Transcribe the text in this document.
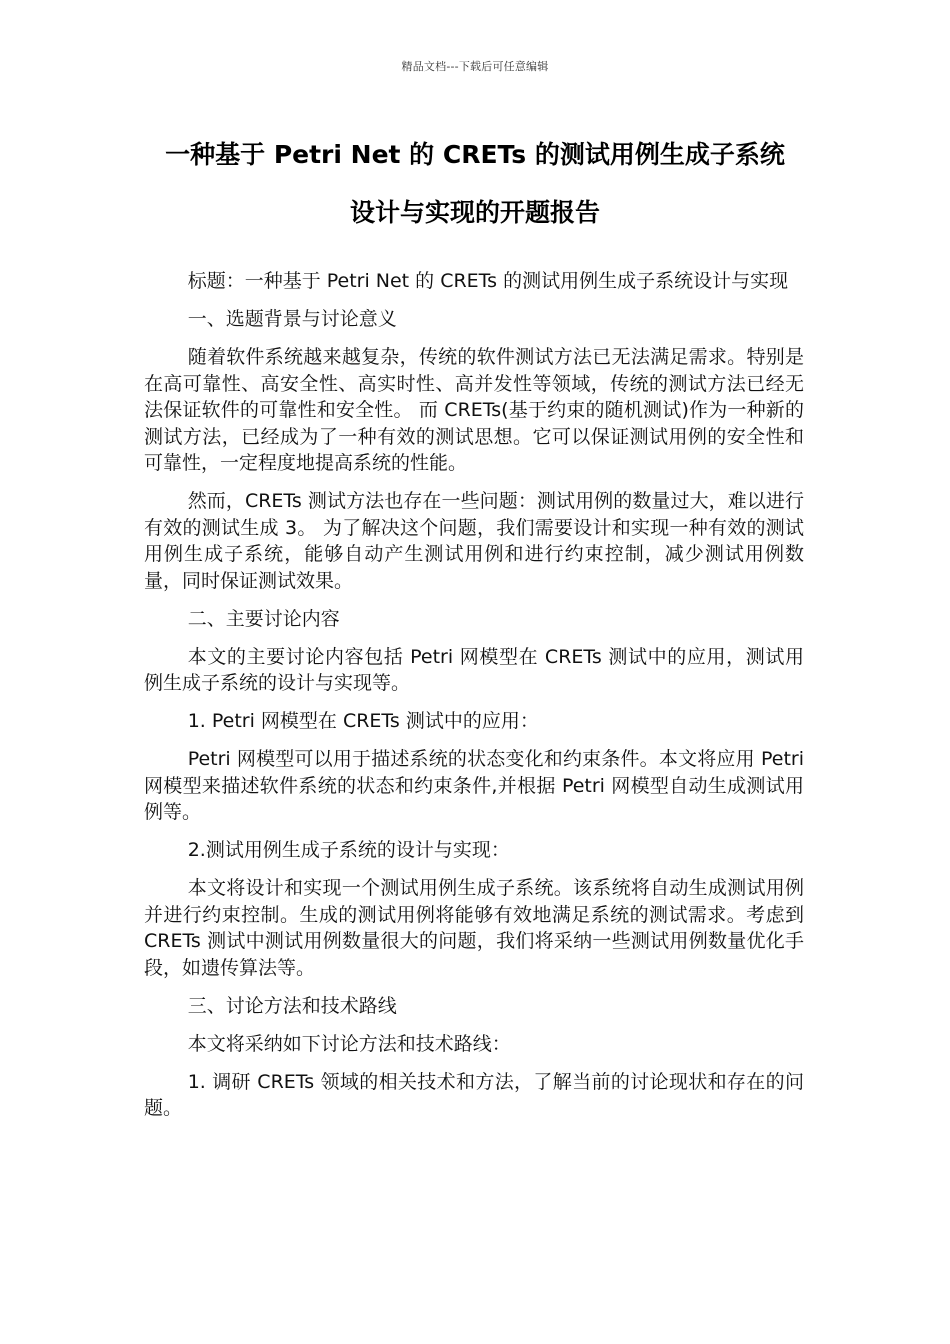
精品文档---下载后可任意编辑
一种基于 Petri Net 的 CRETs 的测试用例生成子系统
设计与实现的开题报告

标题：一种基于 Petri Net 的 CRETs 的测试用例生成子系统设计与实现

一、选题背景与讨论意义

随着软件系统越来越复杂，传统的软件测试方法已无法满足需求。特别是在高可靠性、高安全性、高实时性、高并发性等领域，传统的测试方法已经无法保证软件的可靠性和安全性。 而 CRETs(基于约束的随机测试)作为一种新的测试方法，已经成为了一种有效的测试思想。它可以保证测试用例的安全性和可靠性，一定程度地提高系统的性能。

然而，CRETs 测试方法也存在一些问题：测试用例的数量过大，难以进行有效的测试生成 3。 为了解决这个问题，我们需要设计和实现一种有效的测试用例生成子系统，能够自动产生测试用例和进行约束控制，减少测试用例数量，同时保证测试效果。

二、主要讨论内容

本文的主要讨论内容包括 Petri 网模型在 CRETs 测试中的应用，测试用例生成子系统的设计与实现等。

1. Petri 网模型在 CRETs 测试中的应用：

Petri 网模型可以用于描述系统的状态变化和约束条件。本文将应用 Petri 网模型来描述软件系统的状态和约束条件,并根据 Petri 网模型自动生成测试用例等。

2.测试用例生成子系统的设计与实现：

本文将设计和实现一个测试用例生成子系统。该系统将自动生成测试用例并进行约束控制。生成的测试用例将能够有效地满足系统的测试需求。考虑到 CRETs 测试中测试用例数量很大的问题，我们将采纳一些测试用例数量优化手段，如遗传算法等。

三、讨论方法和技术路线

本文将采纳如下讨论方法和技术路线：

1. 调研 CRETs 领域的相关技术和方法，了解当前的讨论现状和存在的问题。
